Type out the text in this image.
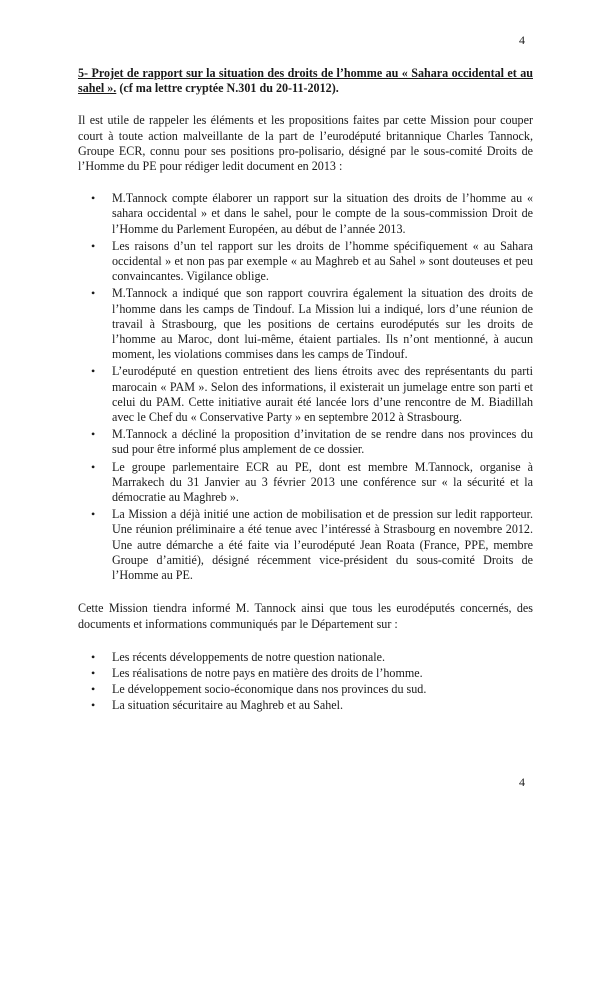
4

5- Projet de rapport sur la situation des droits de l’homme au « Sahara occidental et au sahel ». (cf ma lettre cryptée N.301 du 20-11-2012).

Il est utile de rappeler les éléments et les propositions faites par cette Mission pour couper court à toute action malveillante de la part de l’eurodéputé britannique Charles Tannock, Groupe ECR, connu pour ses positions pro-polisario, désigné par le sous-comité Droits de l’Homme du PE pour rédiger ledit document en 2013 :

• M.Tannock compte élaborer un rapport sur la situation des droits de l’homme au « sahara occidental » et dans le sahel, pour le compte de la sous-commission Droit de l’Homme du Parlement Européen, au début de l’année 2013.
• Les raisons d’un tel rapport sur les droits de l’homme spécifiquement « au Sahara occidental » et non pas par exemple « au Maghreb et au Sahel » sont douteuses et peu convaincantes. Vigilance oblige.
• M.Tannock a indiqué que son rapport couvrira également la situation des droits de l’homme dans les camps de Tindouf. La Mission lui a indiqué, lors d’une réunion de travail à Strasbourg, que les positions de certains eurodéputés sur les droits de l’homme au Maroc, dont lui-même, étaient partiales. Ils n’ont mentionné, à aucun moment, les violations commises dans les camps de Tindouf.
• L’eurodéputé en question entretient des liens étroits avec des représentants du parti marocain « PAM ». Selon des informations, il existerait un jumelage entre son parti et celui du PAM. Cette initiative aurait été lancée lors d’une rencontre de M. Biadillah avec le Chef du « Conservative Party » en septembre 2012 à Strasbourg.
• M.Tannock a décliné la proposition d’invitation de se rendre dans nos provinces du sud pour être informé plus amplement de ce dossier.
• Le groupe parlementaire ECR au PE, dont est membre M.Tannock, organise à Marrakech du 31 Janvier au 3 février 2013 une conférence sur « la sécurité et la démocratie au Maghreb ».
• La Mission a déjà initié une action de mobilisation et de pression sur ledit rapporteur. Une réunion préliminaire a été tenue avec l’intéressé à Strasbourg en novembre 2012. Une autre démarche a été faite via l’eurodéputé Jean Roata (France, PPE, membre Groupe d’amitié), désigné récemment vice-président du sous-comité Droits de l’Homme au PE.

Cette Mission tiendra informé M. Tannock ainsi que tous les eurodéputés concernés, des documents et informations communiqués par le Département sur :

• Les récents développements de notre question nationale.
• Les réalisations de notre pays en matière des droits de l’homme.
• Le développement socio-économique dans nos provinces du sud.
• La situation sécuritaire au Maghreb et au Sahel.
4
